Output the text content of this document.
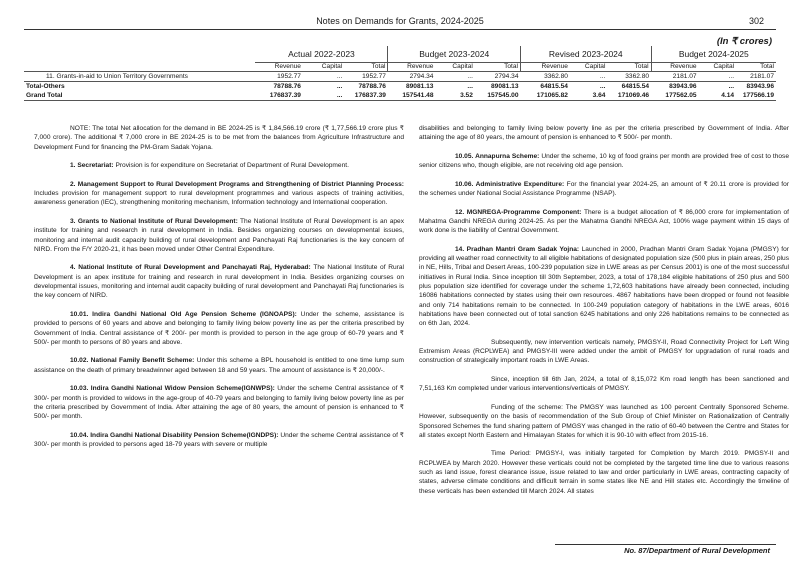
Notes on Demands for Grants, 2024-2025	302
(In ₹ crores)
	Actual 2022-2023			Budget 2023-2024			Revised 2023-2024			Budget 2024-2025		
	Revenue	Capital	Total	Revenue	Capital	Total	Revenue	Capital	Total	Revenue	Capital	Total
11. Grants-in-aid to Union Territory Governments	1952.77	...	1952.77	2794.34	...	2794.34	3362.80	...	3362.80	2181.07	...	2181.07
Total-Others	78788.76	...	78788.76	89081.13	...	89081.13	64815.54	...	64815.54	83943.96	...	83943.96
Grand Total	176837.39	...	176837.39	157541.48	3.52	157545.00	171065.82	3.64	171069.46	177562.05	4.14	177566.19

NOTE: The total Net allocation for the demand in BE 2024-25 is ₹ 1,84,566.19 crore (₹ 1,77,566.19 crore plus ₹ 7,000 crore). The additional ₹ 7,000 crore in BE 2024-25 is to be met from the balances from Agriculture Infrastructure and Development Fund for financing the PM-Gram Sadak Yojana.

1. Secretariat: Provision is for expenditure on Secretariat of Department of Rural Development.

2. Management Support to Rural Development Programs and Strengthening of District Planning Process: Includes provision for management support to rural development programmes and various aspects of training activities, awareness generation (IEC), strengthening monitoring mechanism, Information technology and International cooperation.

3. Grants to National Institute of Rural Development: The National Institute of Rural Development is an apex institute for training and research in rural development in India. Besides organizing courses on developmental issues, monitoring and internal audit capacity building of rural development and Panchayati Raj functionaries is the key concern of NIRD. From the F/Y 2020-21, it has been moved under Other Central Expenditure.

4. National Institute of Rural Development and Panchayati Raj, Hyderabad: The National Institute of Rural Development is an apex institute for training and research in rural development in India. Besides organizing courses on developmental issues, monitoring and internal audit capacity building of rural development and Panchayati Raj functionaries is the key concern of NIRD.

10.01. Indira Gandhi National Old Age Pension Scheme (IGNOAPS): Under the scheme, assistance is provided to persons of 60 years and above and belonging to family living below poverty line as per the criteria prescribed by Government of India. Central assistance of ₹ 200/- per month is provided to person in the age group of 60-79 years and ₹ 500/- per month to persons of 80 years and above.

10.02. National Family Benefit Scheme: Under this scheme a BPL household is entitled to one time lump sum assistance on the death of primary breadwinner aged between 18 and 59 years. The amount of assistance is ₹ 20,000/-.

10.03. Indira Gandhi National Widow Pension Scheme(IGNWPS): Under the scheme Central assistance of ₹ 300/- per month is provided to widows in the age-group of 40-79 years and belonging to family living below poverty line as per the criteria prescribed by Government of India. After attaining the age of 80 years, the amount of pension is enhanced to ₹ 500/- per month.

10.04. Indira Gandhi National Disability Pension Scheme(IGNDPS): Under the scheme Central assistance of ₹ 300/- per month is provided to persons aged 18-79 years with severe or multiple

disabilities and belonging to family living below poverty line as per the criteria prescribed by Government of India. After attaining the age of 80 years, the amount of pension is enhanced to ₹ 500/- per month.

10.05. Annapurna Scheme: Under the scheme, 10 kg of food grains per month are provided free of cost to those senior citizens who, though eligible, are not receiving old age pension.

10.06. Administrative Expenditure: For the financial year 2024-25, an amount of ₹ 20.11 crore is provided for the schemes under National Social Assistance Programme (NSAP).

12. MGNREGA-Programme Component: There is a budget allocation of ₹ 86,000 crore for implementation of Mahatma Gandhi NREGA during 2024-25. As per the Mahatma Gandhi NREGA Act, 100% wage payment within 15 days of work done is the liability of Central Government.

14. Pradhan Mantri Gram Sadak Yojna: Launched in 2000, Pradhan Mantri Gram Sadak Yojana (PMGSY) for providing all weather road connectivity to all eligible habitations of designated population size (500 plus in plain areas, 250 plus in NE, Hills, Tribal and Desert Areas, 100-239 population size in LWE areas as per Census 2001) is one of the most successful initiatives in Rural India. Since inception till 30th September, 2023, a total of 178,184 eligible habitations of 250 plus and 500 plus population size identified for coverage under the scheme 1,72,603 habitations have already been connected, including 16086 habitations connected by states using their own resources. 4867 habitations have been dropped or found not feasible and only 714 habitations remain to be connected. In 100-249 population category of habitations in the LWE areas, 6016 habitations have been connected out of total sanction 6245 habitations and only 226 habitations remains to be connected as on 6th Jan, 2024.

Subsequently, new intervention verticals namely, PMGSY-II, Road Connectivity Project for Left Wing Extremism Areas (RCPLWEA) and PMGSY-III were added under the ambit of PMGSY for upgradation of rural roads and construction of strategically important roads in LWE Areas.

Since, inception till 6th Jan, 2024, a total of 8,15,072 Km road length has been sanctioned and 7,51,163 Km completed under various interventions/verticals of PMGSY.

Funding of the scheme: The PMGSY was launched as 100 percent Centrally Sponsored Scheme. However, subsequently on the basis of recommendation of the Sub Group of Chief Minister on Rationalization of Centrally Sponsored Schemes the fund sharing pattern of PMGSY was changed in the ratio of 60-40 between the Centre and States for all states except North Eastern and Himalayan States for which it is 90-10 with effect from 2015-16.

Time Period: PMGSY-I, was initially targeted for Completion by March 2019. PMGSY-II and RCPLWEA by March 2020. However these verticals could not be completed by the targeted time line due to various reasons such as land issue, forest clearance issue, issue related to law and order particularly in LWE areas, contracting capacity of states, adverse climate conditions and difficult terrain in some states like NE and Hill states etc. Accordingly the timeline of these verticals has been extended till March 2024. All states

No. 87/Department of Rural Development
